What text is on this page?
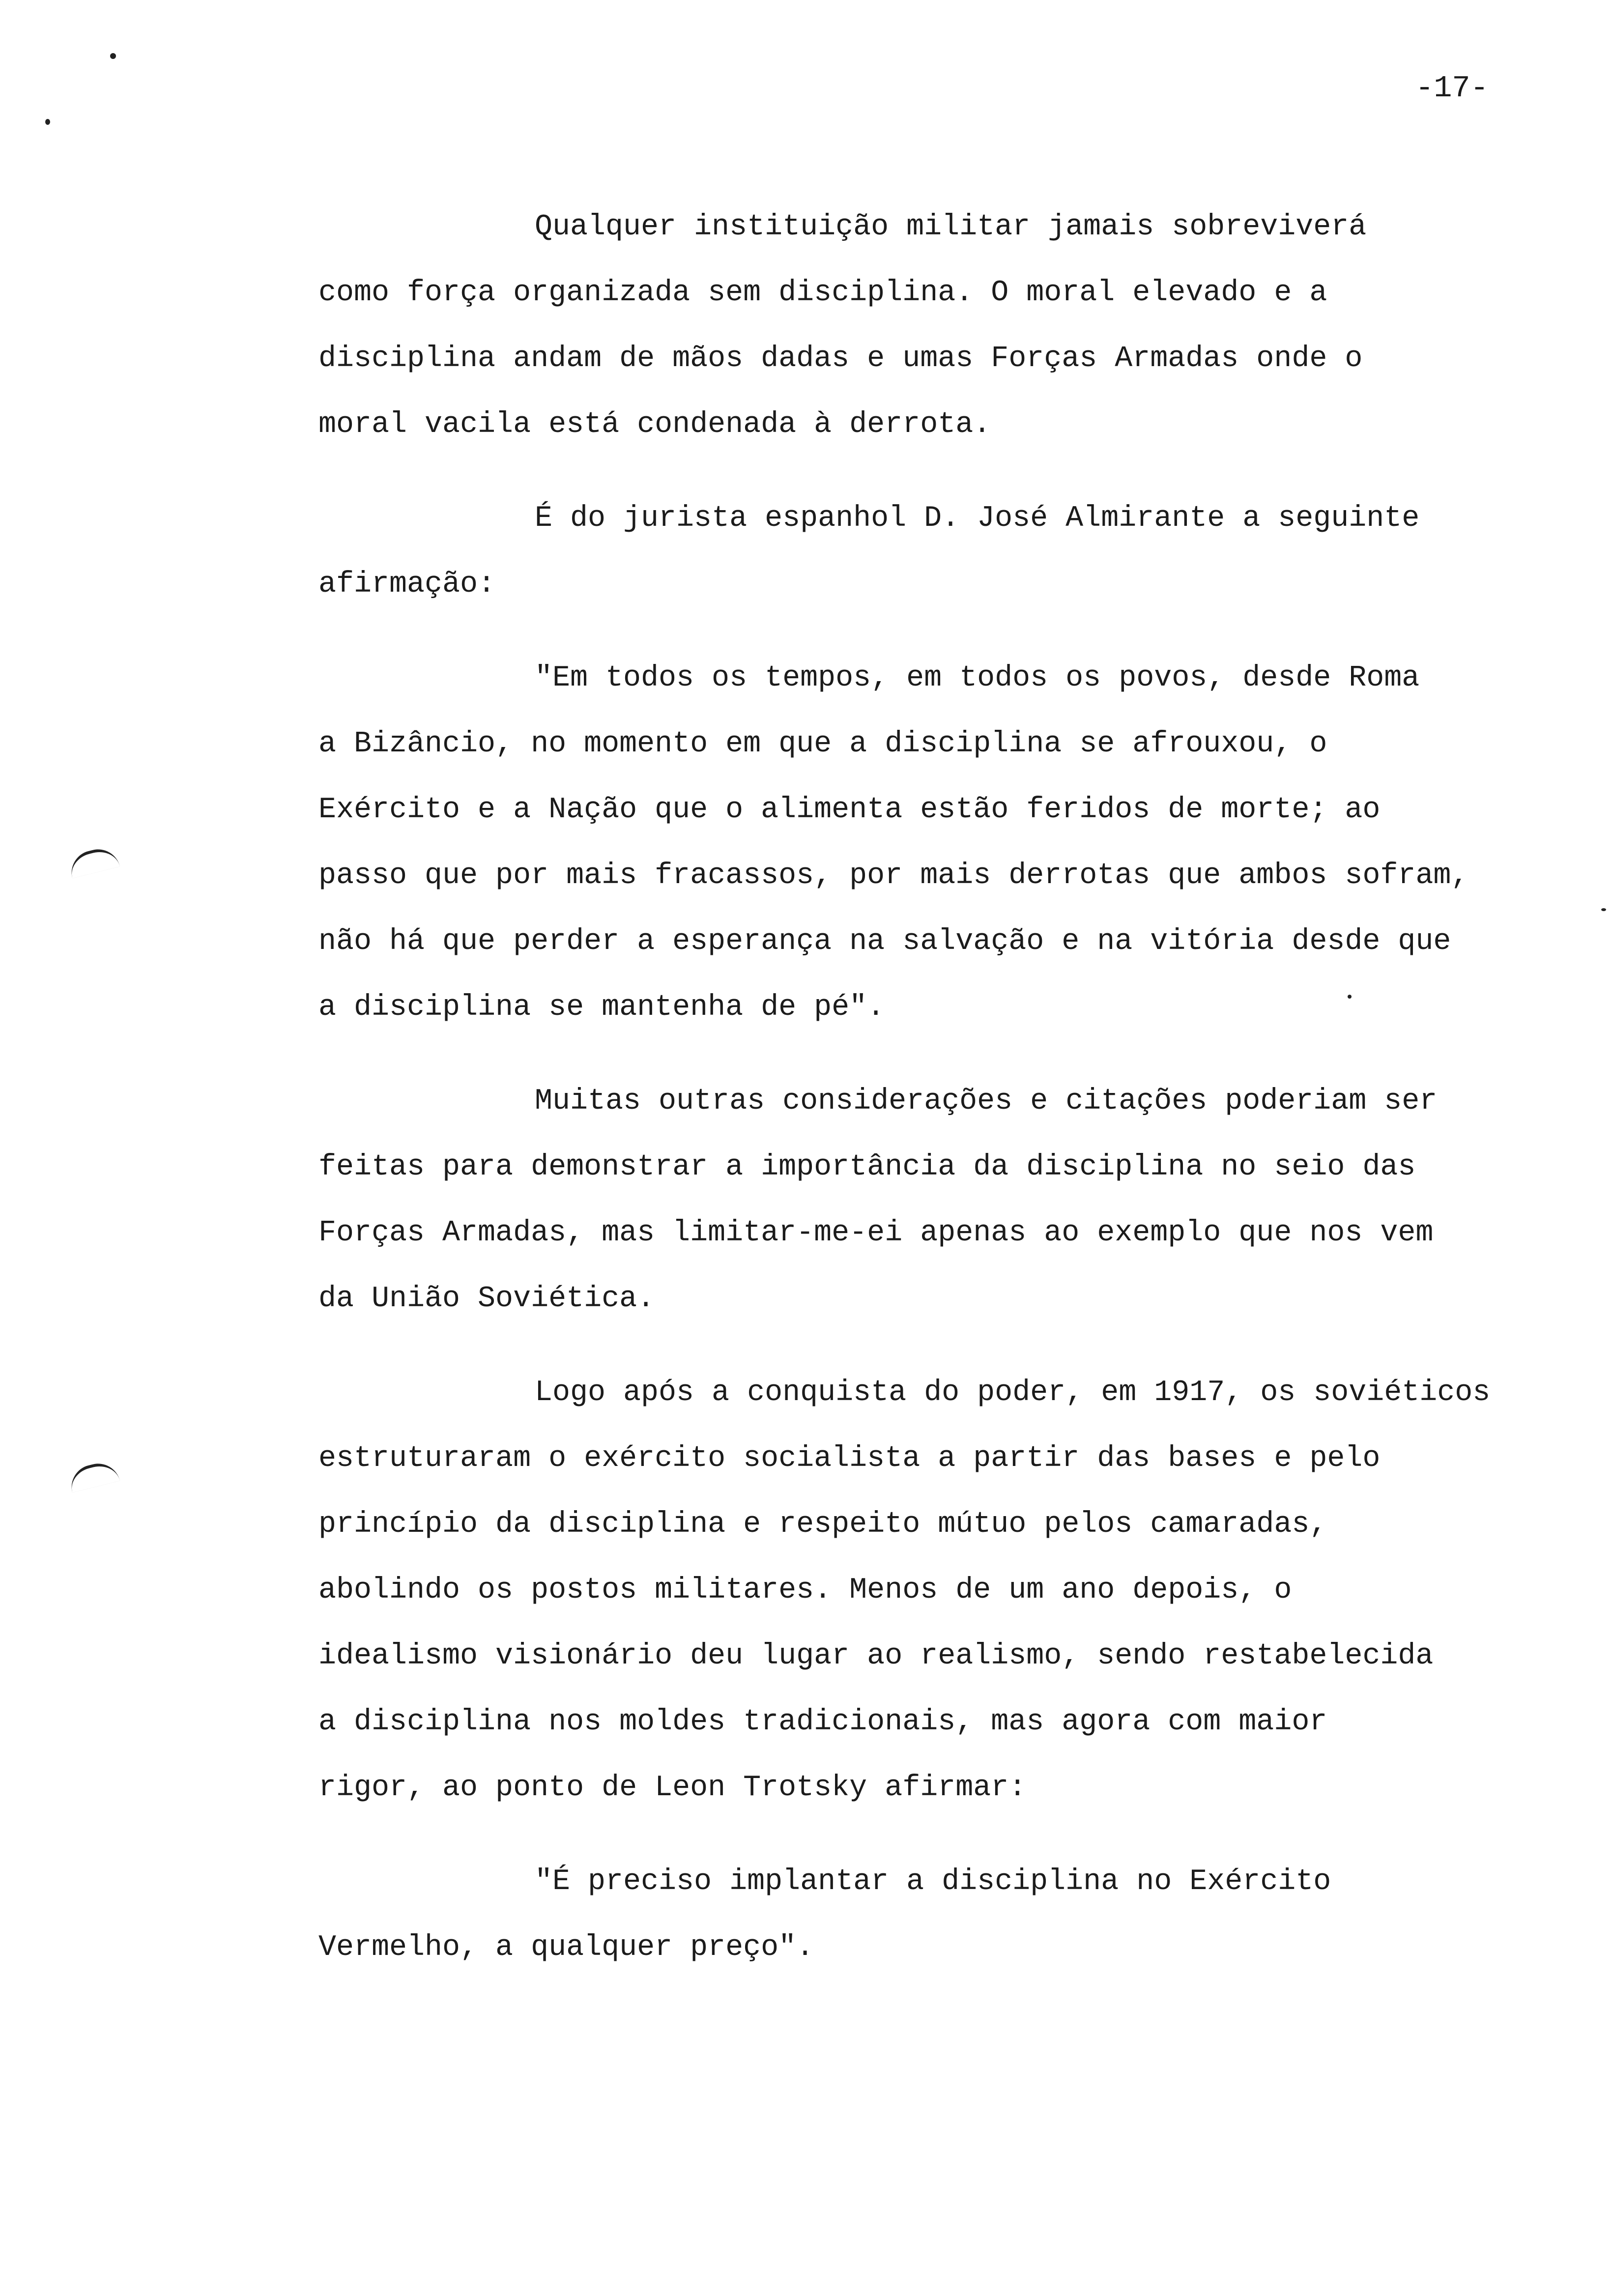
-17-
Qualquer instituição militar jamais sobreviverá
como força organizada sem disciplina. O moral elevado e a
disciplina andam de mãos dadas e umas Forças Armadas onde o
moral vacila está condenada à derrota.
É do jurista espanhol D. José Almirante a seguinte
afirmação:
"Em todos os tempos, em todos os povos, desde Roma
a Bizâncio, no momento em que a disciplina se afrouxou, o
Exército e a Nação que o alimenta estão feridos de morte; ao
passo que por mais fracassos, por mais derrotas que ambos sofram,
não há que perder a esperança na salvação e na vitória desde que
a disciplina se mantenha de pé".
Muitas outras considerações e citações poderiam ser
feitas para demonstrar a importância da disciplina no seio das
Forças Armadas, mas limitar-me-ei apenas ao exemplo que nos vem
da União Soviética.
Logo após a conquista do poder, em 1917, os soviéticos
estruturaram o exército socialista a partir das bases e pelo
princípio da disciplina e respeito mútuo pelos camaradas,
abolindo os postos militares. Menos de um ano depois, o
idealismo visionário deu lugar ao realismo, sendo restabelecida
a disciplina nos moldes tradicionais, mas agora com maior
rigor, ao ponto de Leon Trotsky afirmar:
"É preciso implantar a disciplina no Exército
Vermelho, a qualquer preço".
